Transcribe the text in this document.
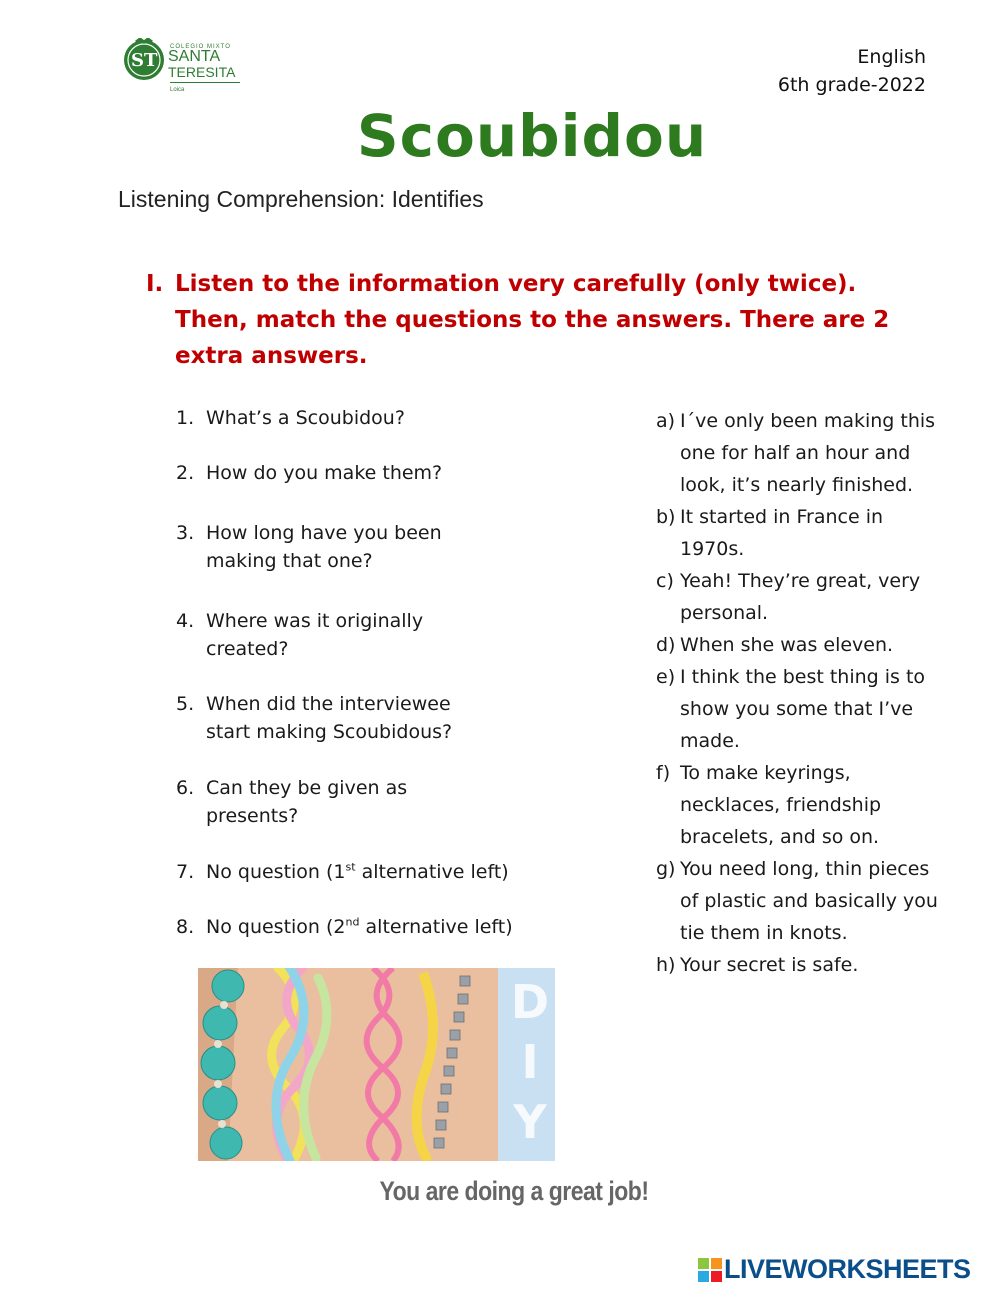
ST
COLEGIO MIXTO
SANTA
TERESITA
Loica
English
6th grade-2022
Scoubidou
Listening Comprehension: Identifies
I. Listen to the information very carefully (only twice). Then, match the questions to the answers. There are 2 extra answers.
1. What’s a Scoubidou?
2. How do you make them?
3. How long have you been making that one?
4. Where was it originally created?
5. When did the interviewee start making Scoubidous?
6. Can they be given as presents?
7. No question (1st alternative left)
8. No question (2nd alternative left)
a) I´ve only been making this one for half an hour and look, it’s nearly finished.
b) It started in France in 1970s.
c) Yeah! They’re great, very personal.
d) When she was eleven.
e) I think the best thing is to show you some that I’ve made.
f) To make keyrings, necklaces, friendship bracelets, and so on.
g) You need long, thin pieces of plastic and basically you tie them in knots.
h) Your secret is safe.
DIY
You are doing a great job!
LIVEWORKSHEETS
